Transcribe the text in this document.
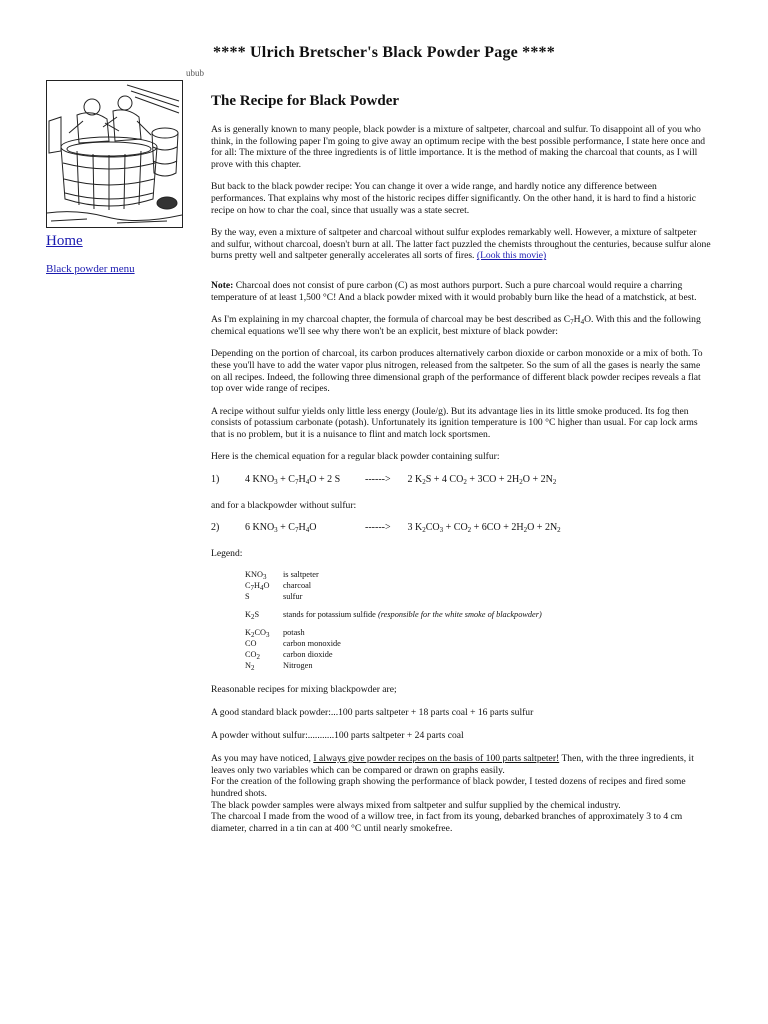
**** Ulrich Bretscher's Black Powder Page ****
ubub
Home
Black powder menu
The Recipe for Black Powder

As is generally known to many people, black powder is a mixture of saltpeter, charcoal and sulfur. To disappoint all of you who think, in the following paper I'm going to give away an optimum recipe with the best possible performance, I state here once and for all: The mixture of the three ingredients is of little importance. It is the method of making the charcoal that counts, as I will prove with this chapter.

But back to the black powder recipe: You can change it over a wide range, and hardly notice any difference between performances. That explains why most of the historic recipes differ significantly. On the other hand, it is hard to find a historic recipe on how to char the coal, since that usually was a state secret.

By the way, even a mixture of saltpeter and charcoal without sulfur explodes remarkably well. However, a mixture of saltpeter and sulfur, without charcoal, doesn't burn at all. The latter fact puzzled the chemists throughout the centuries, because sulfur alone burns pretty well and saltpeter generally accelerates all sorts of fires. (Look this movie)

Note: Charcoal does not consist of pure carbon (C) as most authors purport. Such a pure charcoal would require a charring temperature of at least 1,500 °C! And a black powder mixed with it would probably burn like the head of a matchstick, at best.

As I'm explaining in my charcoal chapter, the formula of charcoal may be best described as $C_7H_4O$. With this and the following chemical equations we'll see why there won't be an explicit, best mixture of black powder:

Depending on the portion of charcoal, its carbon produces alternatively carbon dioxide or carbon monoxide or a mix of both. To these you'll have to add the water vapor plus nitrogen, released from the saltpeter. So the sum of all the gases is nearly the same on all recipes. Indeed, the following three dimensional graph of the performance of different black powder recipes reveals a flat top over wide range of recipes.

A recipe without sulfur yields only little less energy (Joule/g). But its advantage lies in its little smoke produced. Its fog then consists of potassium carbonate (potash). Unfortunately its ignition temperature is 100 °C higher than usual. For cap lock arms that is no problem, but it is a nuisance to flint and match lock sportsmen.

Here is the chemical equation for a regular black powder containing sulfur:

1)	4 $KNO_3 + C_7H_4O + 2$ S	------>	2 $K_2S + 4$ $CO_2 + 3CO + 2H_2O + 2N_2$

and for a blackpowder without sulfur:

2)	6 $KNO_3 + C_7H_4O$	------>	3 $K_2CO_3 + CO_2 + 6CO + 2H_2O + 2N_2$

Legend:

$KNO_3$	is saltpeter
$C_7H_4O$	charcoal
S	sulfur

$K_2S$	stands for potassium sulfide (responsible for the white smoke of blackpowder)

$K_2CO_3$	potash
CO	carbon monoxide
$CO_2$	carbon dioxide
$N_2$	Nitrogen

Reasonable recipes for mixing blackpowder are;

A good standard black powder:...100 parts saltpeter + 18 parts coal + 16 parts sulfur

A powder without sulfur:...........100 parts saltpeter + 24 parts coal

As you may have noticed, I always give powder recipes on the basis of 100 parts saltpeter! Then, with the three ingredients, it leaves only two variables which can be compared or drawn on graphs easily.

For the creation of the following graph showing the performance of black powder, I tested dozens of recipes and fired some hundred shots.

The black powder samples were always mixed from saltpeter and sulfur supplied by the chemical industry.

The charcoal I made from the wood of a willow tree, in fact from its young, debarked branches of approximately 3 to 4 cm diameter, charred in a tin can at 400 °C until nearly smokefree.
